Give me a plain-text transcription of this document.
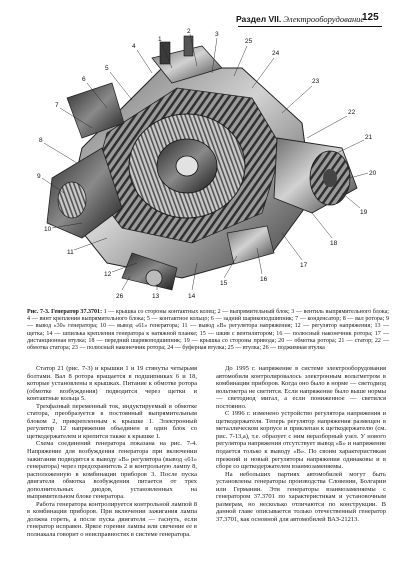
Раздел VII. Электрооборудование
125
1
2	3
4
5
6
7
8
9
10
11
12
13	14
15
16
17
18
19
20
21
22
23
24
25
26
Рис. 7-3. Генератор 37.3701: 1 — крышка со стороны контактных колец; 2 — выпрямительный блок; 3 — вентиль выпрямительного блока; 4 — винт крепления выпрямительного блока; 5 — контактное кольцо; 6 — задний шарикоподшипник; 7 — конденсатор; 8 — вал ротора; 9 — вывод «30» генератора; 10 — вывод «61» генератора; 11 — вывод «В» регулятора напряжения; 12 — регулятор напряжения; 13 — щетка; 14 — шпилька крепления генератора к натяжной планке; 15 — шкив с вентилятором; 16 — полюсный наконечник ротора; 17 — дистанционная втулка; 18 — передний шарикоподшипник; 19 — крышка со стороны привода; 20 — обмотка ротора; 21 — статор; 22 — обмотка статора; 23 — полюсный наконечник ротора; 24 — буферная втулка; 25 — втулка; 26 — поджимная втулка

Статор 21 (рис. 7-3) и крышки 1 и 19 стянуты четырьмя болтами. Вал 8 ротора вращается в подшипниках 6 и 18, которые установлены в крышках. Питание к обмотке ротора (обмотке возбуждения) подводится через щетки и контактные кольца 5.

Трехфазный переменный ток, индуктируемый в обмотке статора, преобразуется в постоянный выпрямительным блоком 2, прикрепленным к крышке 1. Электронный регулятор 12 напряжения объединен в один блок со щеткодержателем и крепится также к крышке 1.

Схема соединений генератора показана на рис. 7-4. Напряжение для возбуждения генератора при включении зажигания подводится к выводу «В» регулятора (вывод «61» генератора) через предохранитель 2 и контрольную лампу 8, расположенную в комбинации приборов 3. После пуска двигателя обмотка возбуждения питается от трех дополнительных диодов, установленных на выпрямительном блоке генератора.

Работа генератора контролируется контрольной лампой 8 в комбинации приборов. При включении зажигания лампа должна гореть, а после пуска двигателя — гаснуть, если генератор исправен. Яркое горение лампы или свечение ее в полнакала говорит о неисправностях в системе генератора.

До 1995 г. напряжение в системе электрооборудования автомобиля контролировалось электронным вольтметром в комбинации приборов. Когда оно было в норме — светодиод вольтметра не светится. Если напряжение было выше нормы — светодиод мигал, а если пониженное — светился постоянно.

С 1996 г. изменено устройство регулятора напряжения и щеткодержателя. Теперь регулятор напряжения размещен в металлическом корпусе и приклепан к щеткодержателю (см. рис. 7-13,а), т.е. образует с ним неразборный узел. У нового регулятора напряжения отсутствует вывод «Б» и напряжение подается только к выводу «В». По своим характеристикам прежний и новый регуляторы напряжения одинаковы и в сборе со щеткодержателем взаимозаменяемы.

На небольших партиях автомобилей могут быть установлены генераторы производства Словении, Болгарии или Германии. Эти генераторы взаимозаменяемы с генератором 37.3701 по характеристикам и установочным размерам, но несколько отличаются по конструкции. В данной главе описывается только отечественный генератор 37.3701, как основной для автомобилей ВАЗ-21213.
